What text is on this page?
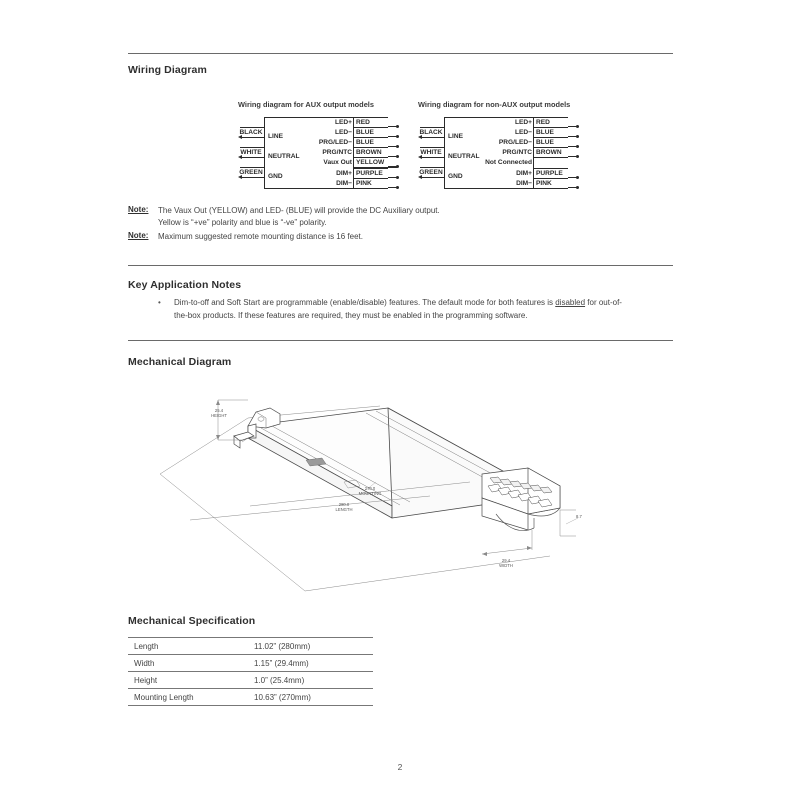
Wiring Diagram
Wiring diagram for AUX output models
LINE
BLACK
NEUTRAL
WHITE
GND
GREEN
LED+ RED
LED− BLUE
PRG/LED− BLUE
PRG/NTC BROWN
Vaux Out YELLOW
DIM+ PURPLE
DIM− PINK
Wiring diagram for non-AUX output models
LINE
BLACK
NEUTRAL
WHITE
GND
GREEN
LED+ RED
LED− BLUE
PRG/LED− BLUE
PRG/NTC BROWN
Not Connected
DIM+ PURPLE
DIM− PINK
Note: The Vaux Out (YELLOW) and LED- (BLUE) will provide the DC Auxiliary output.
Yellow is “+ve” polarity and blue is “-ve” polarity.
Note: Maximum suggested remote mounting distance is 16 feet.
Key Application Notes
• Dim-to-off and Soft Start are programmable (enable/disable) features. The default mode for both features is disabled for out-of-the-box products. If these features are required, they must be enabled in the programming software.
Mechanical Diagram
25.4
HEIGHT
270.0
MOUNTING
280.0
LENGTH
29.4
WIDTH
8.7
Mechanical Specification
Length	11.02” (280mm)
Width	1.15” (29.4mm)
Height	1.0” (25.4mm)
Mounting Length	10.63” (270mm)
2
